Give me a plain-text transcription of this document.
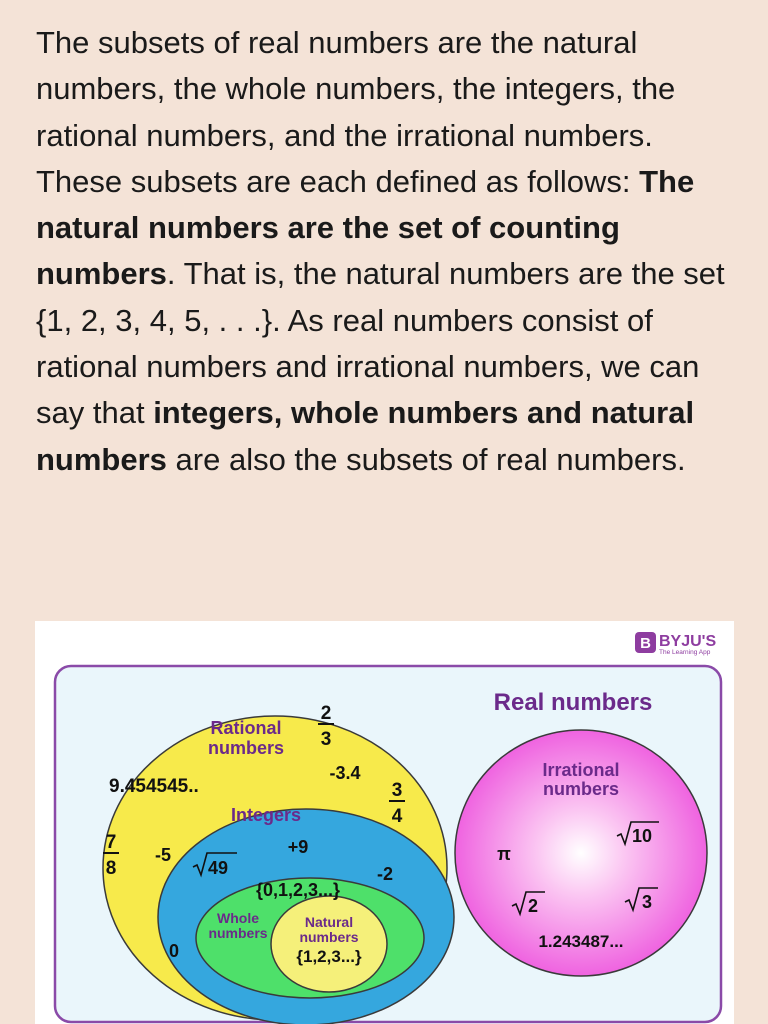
The subsets of real numbers are the natural numbers, the whole numbers, the integers, the rational numbers, and the irrational numbers. These subsets are each defined as follows: The natural numbers are the set of counting numbers. That is, the natural numbers are the set {1, 2, 3, 4, 5, . . .}. As real numbers consist of rational numbers and irrational numbers, we can say that integers, whole numbers and natural numbers are also the subsets of real numbers.

B BYJU'S
The Learning App
Real numbers
Rational
numbers
2
3
-3.4
9.454545..	3
4
7
8
Integers
-5	+9
49	-2
0
{0,1,2,3...}
Whole
numbers
Natural
numbers
{1,2,3...}
Irrational
numbers
10
π
2	3
1.243487...
